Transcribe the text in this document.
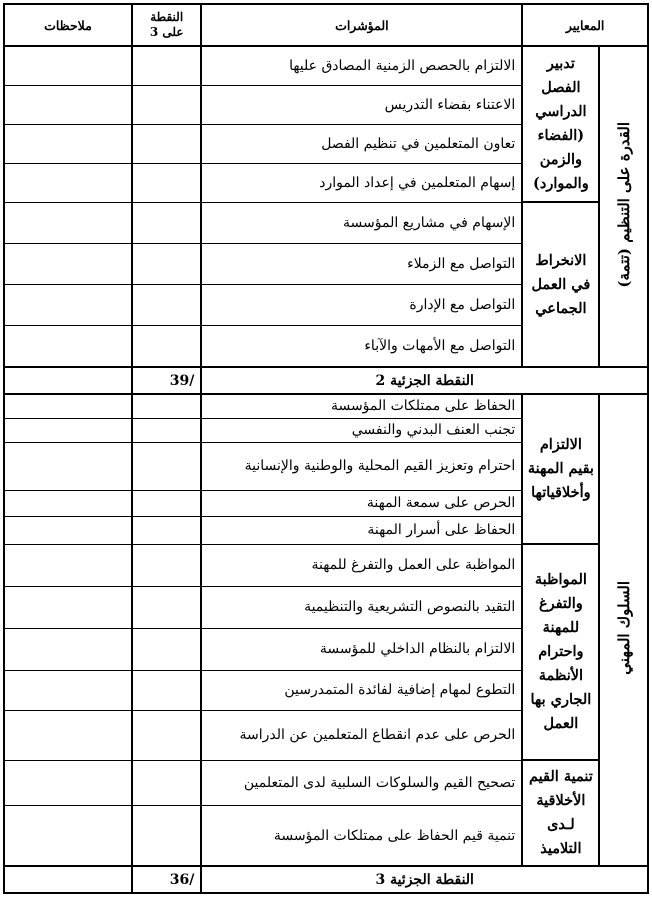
المعايير		المؤشرات	النقطة
على 3	ملاحظات
القدرة على التنظيم (تتمة)	تدبير الفصل الدراسي (الفضاء والزمن والموارد)	الالتزام بالحصص الزمنية المصادق عليها		
		الاعتناء بفضاء التدريس		
		تعاون المتعلمين في تنظيم الفصل		
		إسهام المتعلمين في إعداد الموارد		
	الانخراط في العمل الجماعي	الإسهام في مشاريع المؤسسة		
		التواصل مع الزملاء		
		التواصل مع الإدارة		
		التواصل مع الأمهات والآباء		
النقطة الجزئية 2			/39	
السلوك المهني	الالتزام بقيم المهنة وأخلاقياتها	الحفاظ على ممتلكات المؤسسة		
		تجنب العنف البدني والنفسي		
		احترام وتعزيز القيم المحلية والوطنية والإنسانية		
		الحرص على سمعة المهنة		
		الحفاظ على أسرار المهنة		
	المواظبة والتفرغ للمهنة واحترام الأنظمة الجاري بها العمل	المواظبة على العمل والتفرغ للمهنة		
		التقيد بالنصوص التشريعية والتنظيمية		
		الالتزام بالنظام الداخلي للمؤسسة		
		التطوع لمهام إضافية لفائدة المتمدرسين		
		الحرص على عدم انقطاع المتعلمين عن الدراسة		
	تنمية القيم الأخلاقية لـدى التلاميذ	تصحيح القيم والسلوكات السلبية لدى المتعلمين		
		تنمية قيم الحفاظ على ممتلكات المؤسسة		
النقطة الجزئية 3			/36	
